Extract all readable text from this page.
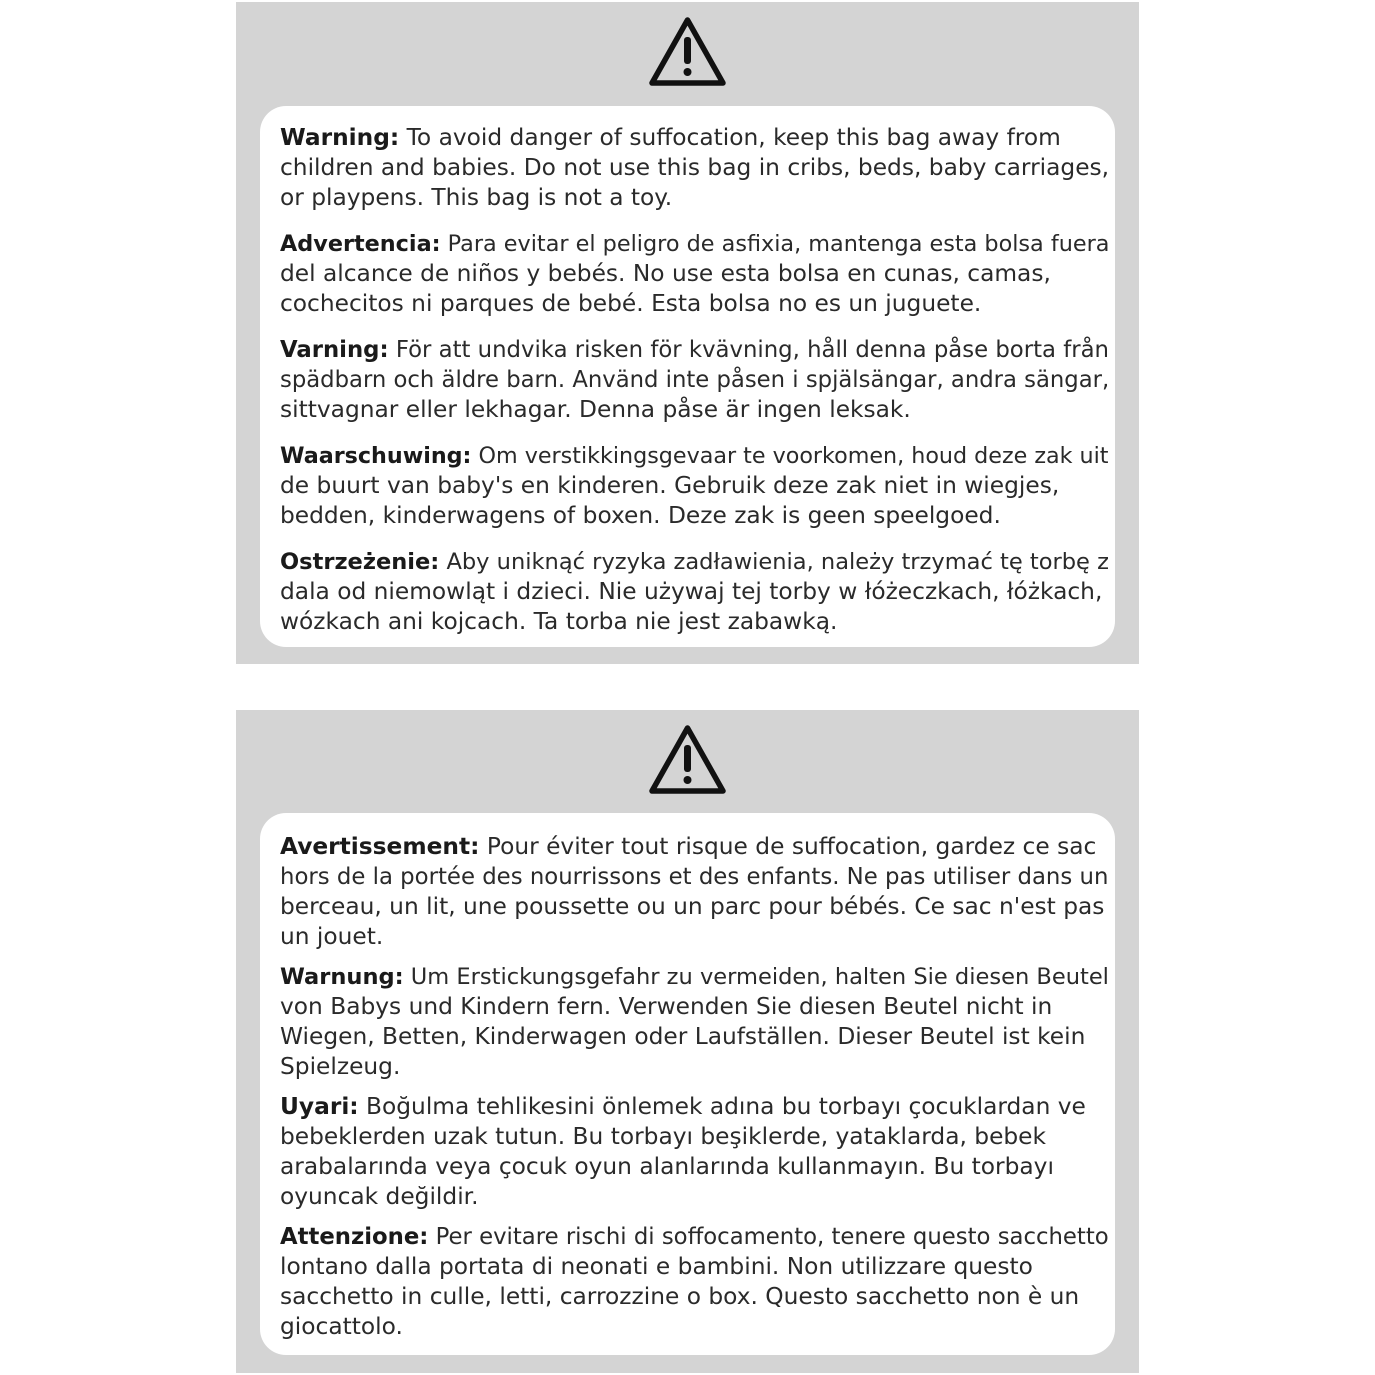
Warning: To avoid danger of suffocation, keep this bag away from
children and babies. Do not use this bag in cribs, beds, baby carriages,
or playpens. This bag is not a toy.

Advertencia: Para evitar el peligro de asfixia, mantenga esta bolsa fuera
del alcance de niños y bebés. No use esta bolsa en cunas, camas,
cochecitos ni parques de bebé. Esta bolsa no es un juguete.

Varning: För att undvika risken för kvävning, håll denna påse borta från
spädbarn och äldre barn. Använd inte påsen i spjälsängar, andra sängar,
sittvagnar eller lekhagar. Denna påse är ingen leksak.

Waarschuwing: Om verstikkingsgevaar te voorkomen, houd deze zak uit
de buurt van baby's en kinderen. Gebruik deze zak niet in wiegjes,
bedden, kinderwagens of boxen. Deze zak is geen speelgoed.

Ostrzeżenie: Aby uniknąć ryzyka zadławienia, należy trzymać tę torbę z
dala od niemowląt i dzieci. Nie używaj tej torby w łóżeczkach, łóżkach,
wózkach ani kojcach. Ta torba nie jest zabawką.

Avertissement: Pour éviter tout risque de suffocation, gardez ce sac
hors de la portée des nourrissons et des enfants. Ne pas utiliser dans un
berceau, un lit, une poussette ou un parc pour bébés. Ce sac n'est pas
un jouet.

Warnung: Um Erstickungsgefahr zu vermeiden, halten Sie diesen Beutel
von Babys und Kindern fern. Verwenden Sie diesen Beutel nicht in
Wiegen, Betten, Kinderwagen oder Laufställen. Dieser Beutel ist kein
Spielzeug.

Uyari: Boğulma tehlikesini önlemek adına bu torbayı çocuklardan ve
bebeklerden uzak tutun. Bu torbayı beşiklerde, yataklarda, bebek
arabalarında veya çocuk oyun alanlarında kullanmayın. Bu torbayı
oyuncak değildir.

Attenzione: Per evitare rischi di soffocamento, tenere questo sacchetto
lontano dalla portata di neonati e bambini. Non utilizzare questo
sacchetto in culle, letti, carrozzine o box. Questo sacchetto non è un
giocattolo.
